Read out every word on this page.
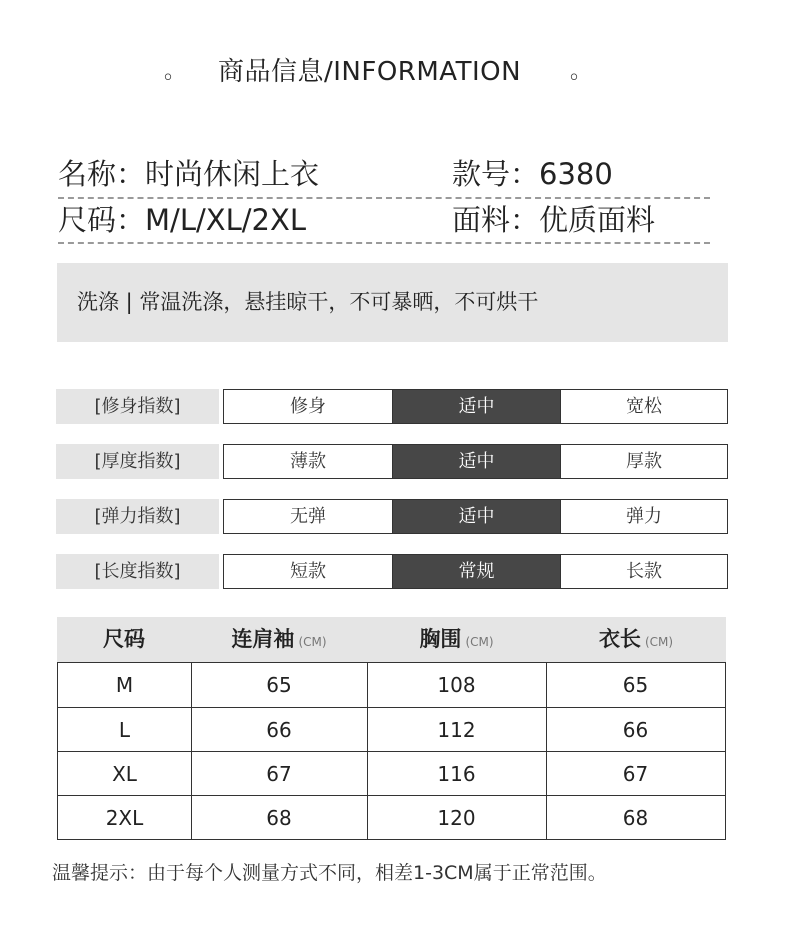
。 商品信息/INFORMATION 。
名称：时尚休闲上衣	款号：6380
尺码：M/L/XL/2XL	面料：优质面料
洗涤 | 常温洗涤，悬挂晾干，不可暴晒，不可烘干
[修身指数]	修身	适中	宽松
[厚度指数]	薄款	适中	厚款
[弹力指数]	无弹	适中	弹力
[长度指数]	短款	常规	长款
尺码	连肩袖 (CM)	胸围 (CM)	衣长 (CM)
2XL	68	120	68
XL	67	116	67
L	66	112	66
M	65	108	65
温馨提示：由于每个人测量方式不同，相差1-3CM属于正常范围。
